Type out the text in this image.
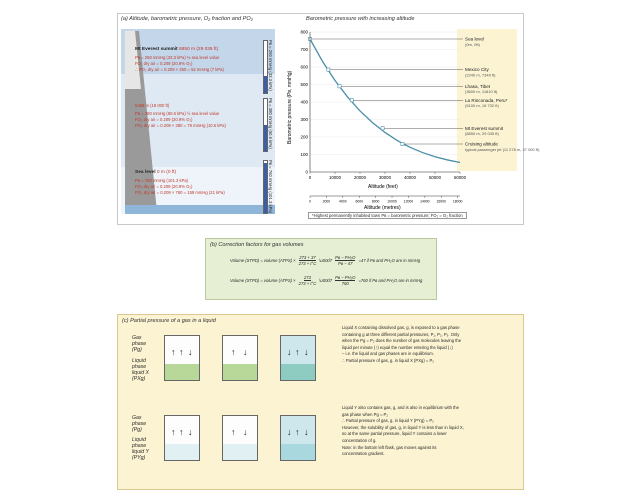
(a) Altitude, barometric pressure, O₂ fraction and PO₂
Mt Everest summit 8850 m (29 035 ft)
Pʙ = 250 mmHg (33.3 kPa) ⅓ sea level value
FO₂ dry air = 0.209 (20.9% O₂)
∴ PO₂ dry air = 0.209 × 250 = 52 mmHg (7 kPa)
5486 m (18 000 ft)
Pʙ = 380 mmHg (50.6 kPa) ½ sea level value
FO₂ dry air = 0.209 (20.9% O₂)
PO₂ dry air = 0.209 × 380 = 79 mmHg (10.6 kPa)
Sea level 0 m (0 ft)
Pʙ = 760 mmHg (101.3 kPa)
FO₂ dry air = 0.209 (20.9% O₂)
PO₂ dry air = 0.209 × 760 = 159 mmHg (21 kPa)
Pʙ = 250 mmHg (33.3 kPa)
Pʙ = 380 mmHg (50.6 kPa)
Pʙ = 760 mmHg (101.3 kPa)
Barometric pressure with increasing altitude
Sea level
(0m, 0ft)
Mexico City
(2240 m, 7349 ft)
Lhasa, Tibet
(3600 m, 11810 ft)
La Rinconada, Peru*
(5100 m, 16 732 ft)
Mt Everest summit
(8850 m, 29 035 ft)
Cruising altitude
typical passenger jet (11 278 m, 37 000 ft)
0
100
200
300
400
500
600
700
800
0	10000	20000	30000	40000	50000	60000
0	2000	4000	6000	8000 10000 12000 14000 16000 18000
Barometric pressure (Pʙ, mmHg)
Altitude (feet)
Altitude (metres)
*Highest permanently inhabited town Pʙ = barometric pressure; FO₂ = O₂ fraction
(b) Correction factors for gas volumes
Volume (STPD) = volume (ATPS) × $\frac{273 + 37}{273 + t^\circ C}$ \u00d7 $\frac{\text{Pʙ − PH₂O}}{\text{Pʙ − 47}} =47$ if Pʙ and PH₂O are in mmHg
Volume (STPD) = volume (ATPS) × $\frac{273}{273 + t^\circ C}$ \u00d7 $\frac{\text{Pʙ − PH₂O}}{760} =760$ if Pʙ and PH₂O are in mmHg
(c) Partial pressure of a gas in a liquid
Gas phase (Pg)
Liquid phase liquid X (PXg)
Gas phase (Pg)
Liquid phase liquid Y (PYg)
↑ ↑ ↓	↑ ↓	↓ ↑ ↓
↑ ↑ ↓	↑ ↓	↓ ↑ ↓
Liquid X containing dissolved gas, g, is exposed to a gas phase
containing g at three different partial pressures, P₁, P₂, P₃. Only
when the Pg = P₂ does the number of gas molecules leaving the
liquid per minute (↑) equal the number entering the liquid (↓)
– i.e. the liquid and gas phases are in equilibrium.
∴ Partial pressure of gas, g, in liquid X (PXg) = P₂
Liquid Y also contains gas, g, and is also in equilibrium with the
gas phase when Pg = P₂
∴ Partial pressure of gas, g, in liquid Y (PYg) = P₂
However, the solubility of gas, g, in liquid Y is less than in liquid X,
so at the same partial pressure, liquid Y contains a lower
concentration of g.
Note: in the bottom left flask, gas moves against its
concentration gradient.
